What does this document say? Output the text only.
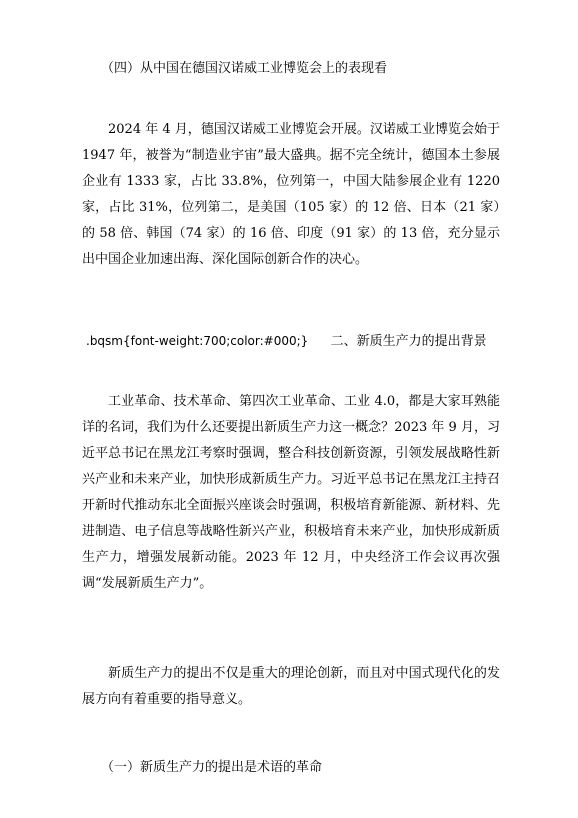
（四）从中国在德国汉诺威工业博览会上的表现看

2024 年 4 月，德国汉诺威工业博览会开展。汉诺威工业博览会始于 1947 年，被誉为“制造业宇宙”最大盛典。据不完全统计，德国本土参展企业有 1333 家，占比 33.8%，位列第一，中国大陆参展企业有 1220 家，占比 31%，位列第二，是美国（105 家）的 12 倍、日本（21 家）的 58 倍、韩国（74 家）的 16 倍、印度（91 家）的 13 倍，充分显示出中国企业加速出海、深化国际创新合作的决心。

.bqsm{font-weight:700;color:#000;} 二、新质生产力的提出背景

工业革命、技术革命、第四次工业革命、工业 4.0，都是大家耳熟能详的名词，我们为什么还要提出新质生产力这一概念？2023 年 9 月，习近平总书记在黑龙江考察时强调，整合科技创新资源，引领发展战略性新兴产业和未来产业，加快形成新质生产力。习近平总书记在黑龙江主持召开新时代推动东北全面振兴座谈会时强调，积极培育新能源、新材料、先进制造、电子信息等战略性新兴产业，积极培育未来产业，加快形成新质生产力，增强发展新动能。2023 年 12 月，中央经济工作会议再次强调“发展新质生产力”。

新质生产力的提出不仅是重大的理论创新，而且对中国式现代化的发展方向有着重要的指导意义。

（一）新质生产力的提出是术语的革命
